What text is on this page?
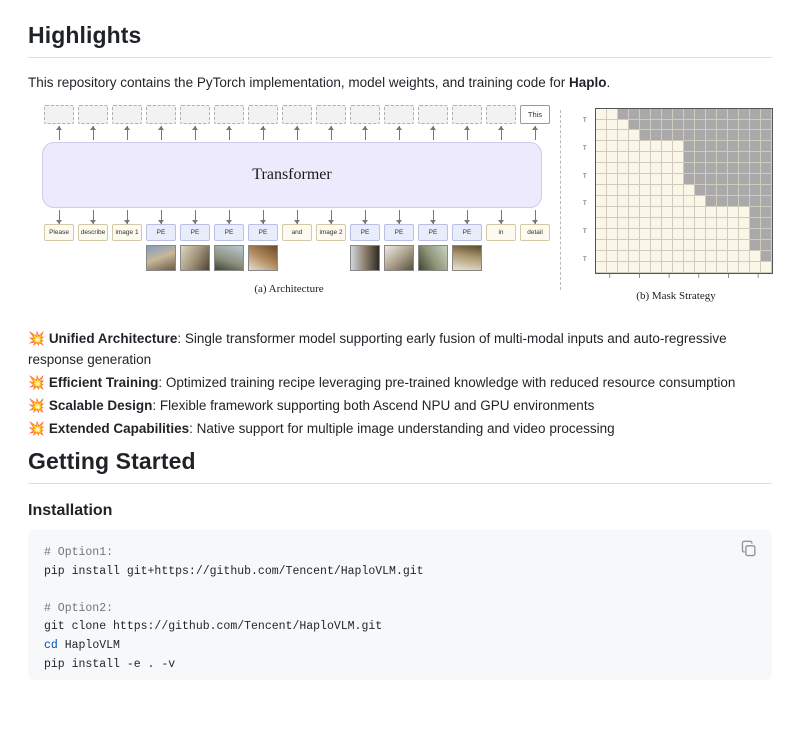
Highlights

This repository contains the PyTorch implementation, model weights, and training code for Haplo.

This
Transformer
Please	describe	image 1	PE	PE	PE	PE	and	image 2	PE	PE	PE	PE	in	detail
(a) Architecture
T
T
T
T
T
T
T	T	T	T	T	T
(b) Mask Strategy
💥 Unified Architecture: Single transformer model supporting early fusion of multi-modal inputs and auto-regressive response generation
💥 Efficient Training: Optimized training recipe leveraging pre-trained knowledge with reduced resource consumption
💥 Scalable Design: Flexible framework supporting both Ascend NPU and GPU environments
💥 Extended Capabilities: Native support for multiple image understanding and video processing
Getting Started
Installation
# Option1:
pip install git+https://github.com/Tencent/HaploVLM.git

# Option2:
git clone https://github.com/Tencent/HaploVLM.git
cd HaploVLM
pip install -e . -v
